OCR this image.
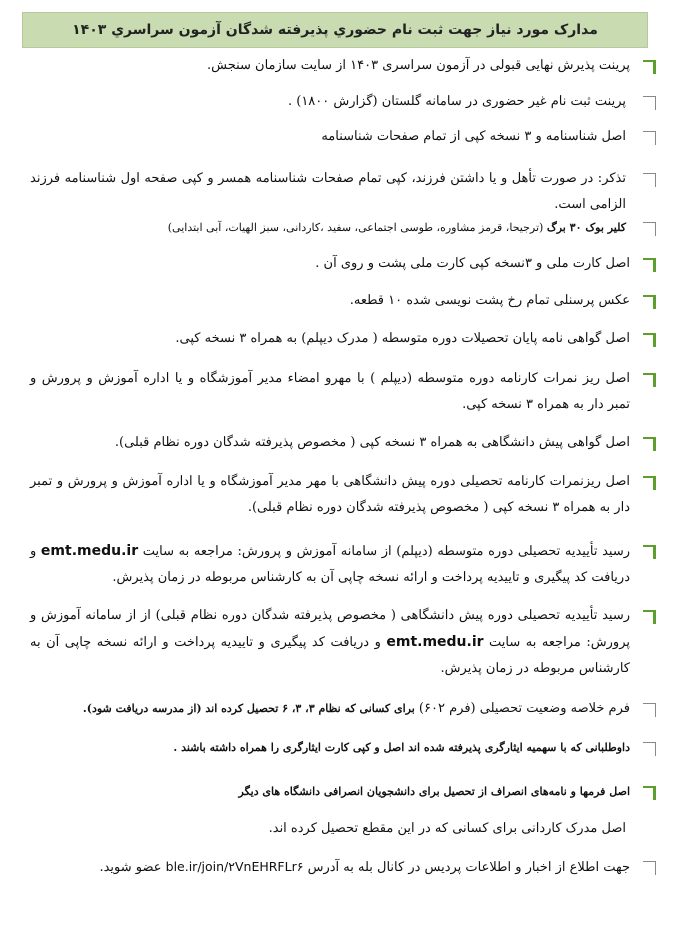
مدارک مورد نیاز جهت ثبت نام حضوري پذيرفته شدگان آزمون سراسري ۱۴۰۳
پرینت پذیرش نهایی قبولی در آزمون سراسری ۱۴۰۳ از سایت سازمان سنجش.
پرینت ثبت نام غیر حضوری در سامانه گلستان (گزارش ۱۸۰۰) .
اصل شناسنامه و ۳ نسخه کپی از تمام صفحات شناسنامه
تذکر: در صورت تأهل و یا داشتن فرزند، کپی تمام صفحات شناسنامه همسر و کپی صفحه اول شناسنامه فرزند الزامی است.
کلیر بوک ۳۰ برگ (ترجیحا، قرمز مشاوره، طوسی اجتماعی، سفید ،کاردانی، سبز الهیات، آبی ابتدایی)
اصل کارت ملی و ۳نسخه کپی کارت ملی پشت و روی آن .
عکس پرسنلی تمام رخ پشت نویسی شده ۱۰ قطعه.
اصل گواهی نامه پایان تحصیلات دوره متوسطه ( مدرک دیپلم) به همراه ۳ نسخه کپی.
اصل ریز نمرات کارنامه دوره متوسطه (دیپلم ) با مهرو امضاء مدیر آموزشگاه و یا اداره آموزش و پرورش و تمبر دار به همراه ۳ نسخه کپی.
اصل گواهی پیش دانشگاهی به همراه ۳ نسخه کپی ( مخصوص پذیرفته شدگان دوره نظام قبلی).
اصل ریزنمرات کارنامه تحصیلی دوره پیش دانشگاهی با مهر مدیر آموزشگاه و یا اداره آموزش و پرورش و تمبر دار به همراه ۳ نسخه کپی ( مخصوص پذیرفته شدگان دوره نظام قبلی).
رسید تأییدیه تحصیلی دوره متوسطه (دیپلم) از سامانه آموزش و پرورش: مراجعه به سایت emt.medu.ir و دریافت کد پیگیری و تاییدیه پرداخت و ارائه نسخه چاپی آن به کارشناس مربوطه در زمان پذیرش.
رسید تأییدیه تحصیلی دوره پیش دانشگاهی ( مخصوص پذیرفته شدگان دوره نظام قبلی) از از سامانه آموزش و پرورش: مراجعه به سایت emt.medu.ir و دریافت کد پیگیری و تاییدیه پرداخت و ارائه نسخه چاپی آن به کارشناس مربوطه در زمان پذیرش.
فرم خلاصه وضعیت تحصیلی (فرم ۶۰۲) برای کسانی که نظام ۳، ۳، ۶ تحصیل کرده اند (از مدرسه دریافت شود).
داوطلبانی که با سهمیه ایثارگری پذیرفته شده اند اصل و کپی کارت ایثارگری را همراه داشته باشند .
اصل فرمها و نامه‌های انصراف از تحصیل برای دانشجویان انصرافی دانشگاه های دیگر
اصل مدرک کاردانی برای کسانی که در این مقطع تحصیل کرده اند.
جهت اطلاع از اخبار و اطلاعات پردیس در کانال بله به آدرس ble.ir/join/۲VnEHRFLr۶ عضو شوید.
